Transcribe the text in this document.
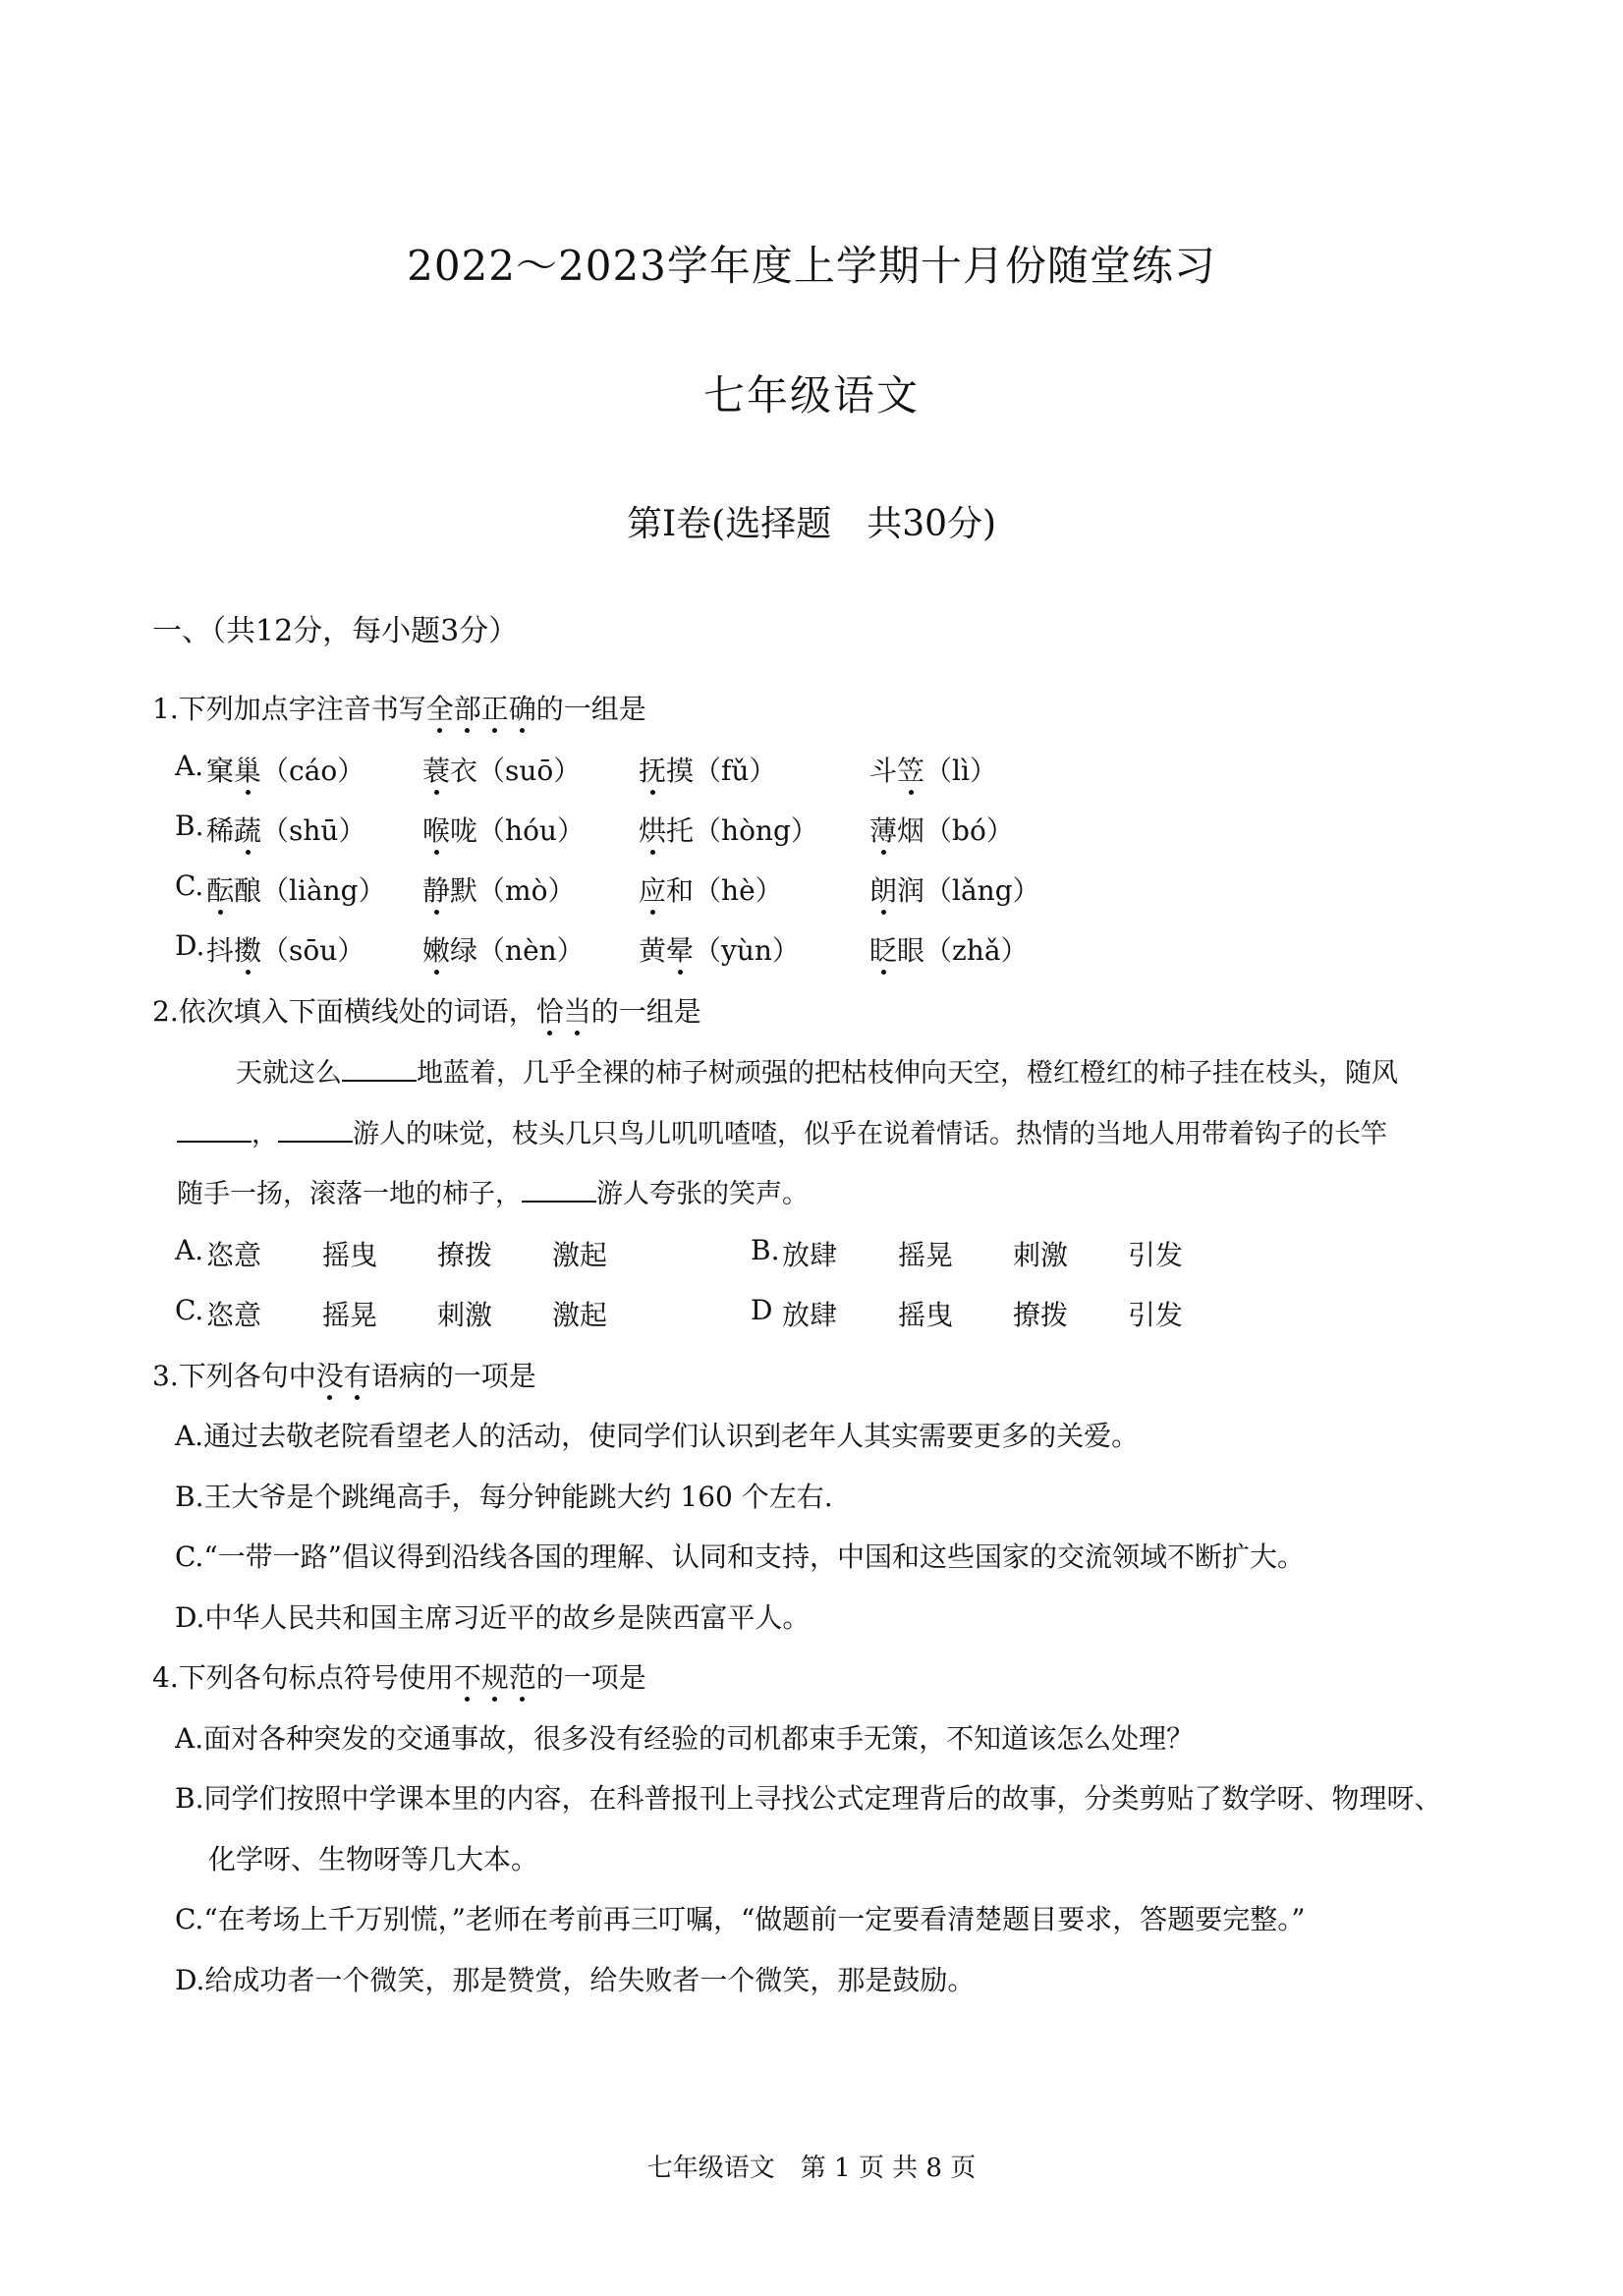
2022～2023学年度上学期十月份随堂练习
七年级语文
第Ⅰ卷(选择题　共30分)
一、（共12分，每小题3分）
1.下列加点字注音书写全部正确的一组是
A. 窠巢（cáo） 蓑衣（suō） 抚摸（fǔ）	斗笠（lì）
B. 稀蔬（shū） 喉咙（hóu） 烘托（hòng） 薄烟（bó）
C. 酝酿（liàng） 静默（mò） 应和（hè）	朗润（lǎng）
D. 抖擞（sōu） 嫩绿（nèn） 黄晕（yùn）	眨眼（zhǎ）
2.依次填入下面横线处的词语，恰当的一组是
天就这么	地蓝着，几乎全裸的柿子树顽强的把枯枝伸向天空，橙红橙红的柿子挂在枝头，随风
，	游人的味觉，枝头几只鸟儿叽叽喳喳，似乎在说着情话。热情的当地人用带着钩子的长竿
随手一扬，滚落一地的柿子，	游人夸张的笑声。
A. 恣意 摇曳 撩拨 激起	B. 放肆 摇晃 刺激 引发
C. 恣意 摇晃 刺激 激起	D 放肆 摇曳 撩拨 引发
3.下列各句中没有语病的一项是
A.通过去敬老院看望老人的活动，使同学们认识到老年人其实需要更多的关爱。
B.王大爷是个跳绳高手，每分钟能跳大约 160 个左右.
C.“一带一路”倡议得到沿线各国的理解、认同和支持，中国和这些国家的交流领域不断扩大。
D.中华人民共和国主席习近平的故乡是陕西富平人。
4.下列各句标点符号使用不规范的一项是
A.面对各种突发的交通事故，很多没有经验的司机都束手无策，不知道该怎么处理？
B.同学们按照中学课本里的内容，在科普报刊上寻找公式定理背后的故事，分类剪贴了数学呀、物理呀、
化学呀、生物呀等几大本。
C.“在考场上千万别慌，”老师在考前再三叮嘱，“做题前一定要看清楚题目要求，答题要完整。”
D.给成功者一个微笑，那是赞赏，给失败者一个微笑，那是鼓励。
七年级语文　第 1 页 共 8 页
